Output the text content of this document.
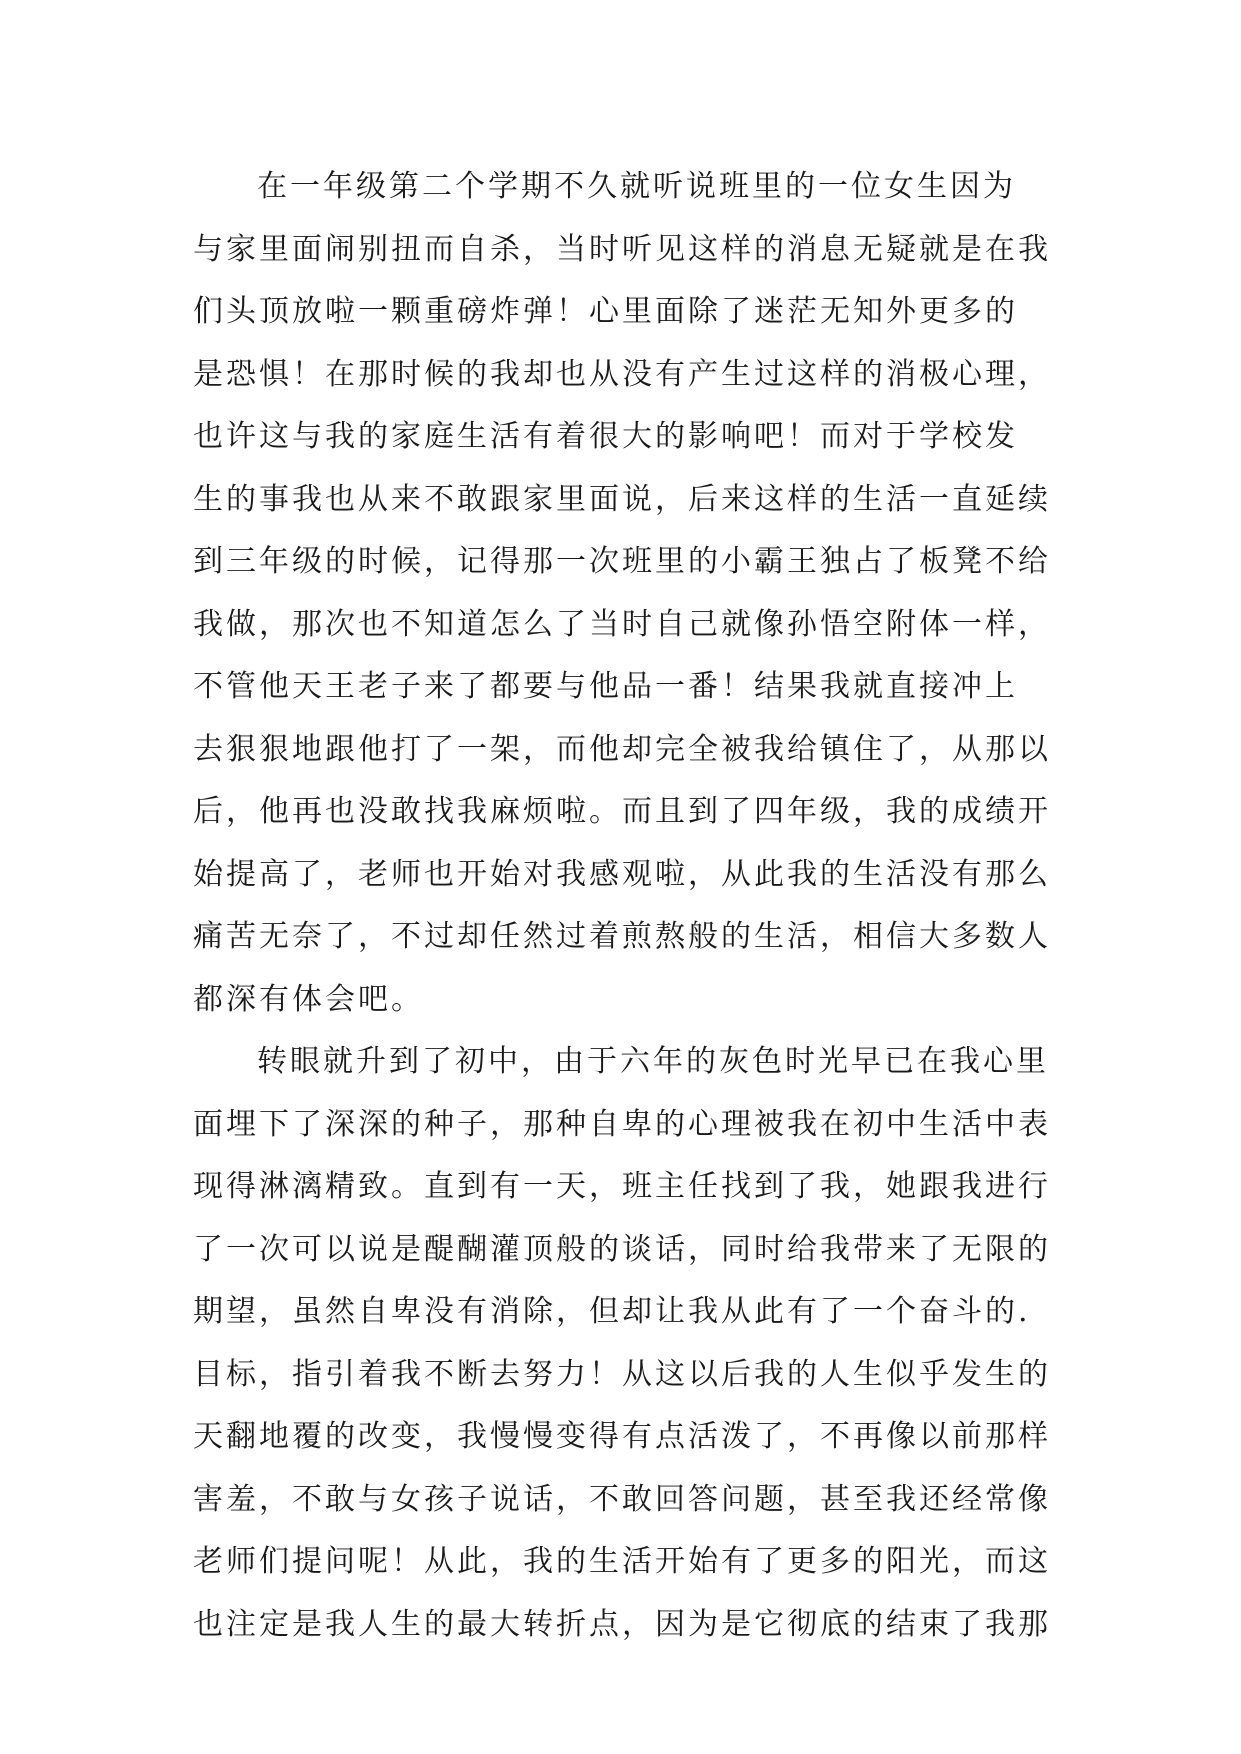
在一年级第二个学期不久就听说班里的一位女生因为
与家里面闹别扭而自杀，当时听见这样的消息无疑就是在我
们头顶放啦一颗重磅炸弹！心里面除了迷茫无知外更多的
是恐惧！在那时候的我却也从没有产生过这样的消极心理，
也许这与我的家庭生活有着很大的影响吧！而对于学校发
生的事我也从来不敢跟家里面说，后来这样的生活一直延续
到三年级的时候，记得那一次班里的小霸王独占了板凳不给
我做，那次也不知道怎么了当时自己就像孙悟空附体一样，
不管他天王老子来了都要与他品一番！结果我就直接冲上
去狠狠地跟他打了一架，而他却完全被我给镇住了，从那以
后，他再也没敢找我麻烦啦。而且到了四年级，我的成绩开
始提高了，老师也开始对我感观啦，从此我的生活没有那么
痛苦无奈了，不过却任然过着煎熬般的生活，相信大多数人
都深有体会吧。
转眼就升到了初中，由于六年的灰色时光早已在我心里
面埋下了深深的种子，那种自卑的心理被我在初中生活中表
现得淋漓精致。直到有一天，班主任找到了我，她跟我进行
了一次可以说是醍醐灌顶般的谈话，同时给我带来了无限的
期望，虽然自卑没有消除，但却让我从此有了一个奋斗的.
目标，指引着我不断去努力！从这以后我的人生似乎发生的
天翻地覆的改变，我慢慢变得有点活泼了，不再像以前那样
害羞，不敢与女孩子说话，不敢回答问题，甚至我还经常像
老师们提问呢！从此，我的生活开始有了更多的阳光，而这
也注定是我人生的最大转折点，因为是它彻底的结束了我那
